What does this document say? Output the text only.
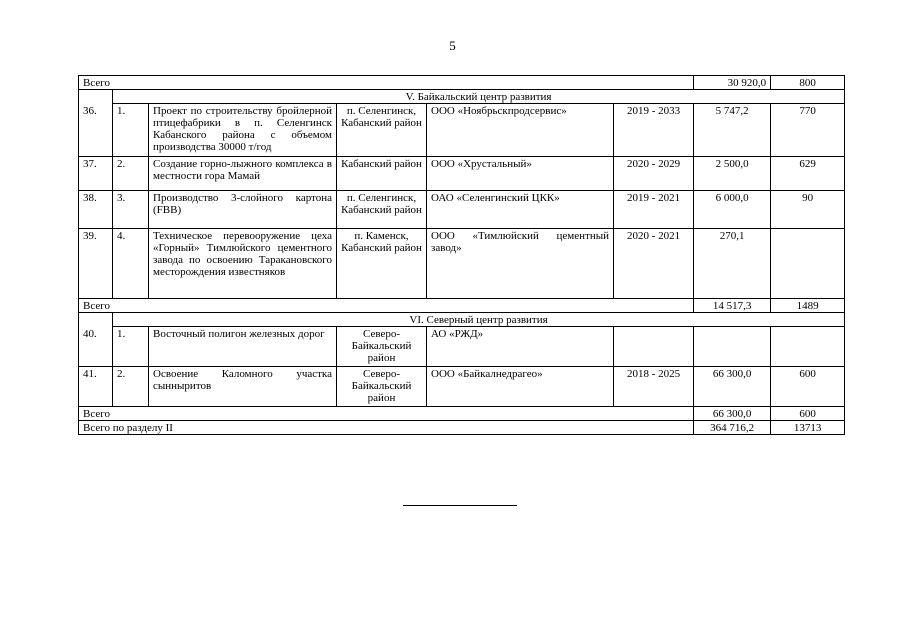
5
Всего						30 920,0	800
	V. Байкальский центр развития						
36.	1.	Проект по строительству бройлерной птицефабрики в п. Селенгинск Кабанского района с объемом производства 30000 т/год	п. Селенгинск, Кабанский район	ООО «Ноябрьскпродсервис»	2019 - 2033	5 747,2	770
37.	2.	Создание горно-лыжного комплекса в местности гора Мамай	Кабанский район	ООО «Хрустальный»	2020 - 2029	2 500,0	629
38.	3.	Производство 3-слойного картона (FBB)	п. Селенгинск, Кабанский район	ОАО «Селенгинский ЦКК»	2019 - 2021	6 000,0	90
39.	4.	Техническое перевооружение цеха «Горный» Тимлюйского цементного завода по освоению Таракановского месторождения известняков	п. Каменск, Кабанский район	ООО «Тимлюйский цементный завод»	2020 - 2021	270,1	
Всего						14 517,3	1489
	VI. Северный центр развития						
40.	1.	Восточный полигон железных дорог	Северо-Байкальский район	АО «РЖД»			
41.	2.	Освоение Каломного участка сынныритов	Северо-Байкальский район	ООО «Байкалнедрагео»	2018 - 2025	66 300,0	600
Всего						66 300,0	600
Всего по разделу II						364 716,2	13713
